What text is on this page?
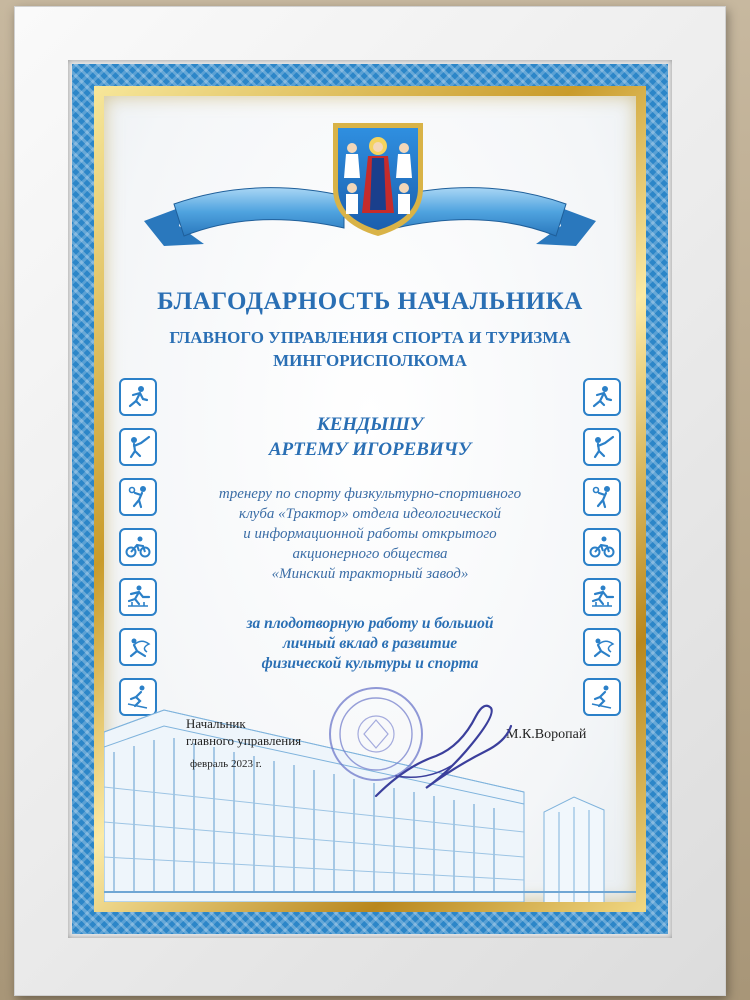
БЛАГОДАРНОСТЬ НАЧАЛЬНИКА
ГЛАВНОГО УПРАВЛЕНИЯ СПОРТА И ТУРИЗМА
МИНГОРИСПОЛКОМА
КЕНДЫШУ
АРТЕМУ ИГОРЕВИЧУ
тренеру по спорту физкультурно-спортивного
клуба «Трактор» отдела идеологической
и информационной работы открытого
акционерного общества
«Минский тракторный завод»
за плодотворную работу и большой
личный вклад в развитие
физической культуры и спорта
Начальник
главного управления
февраль 2023 г.
М.К.Воропай
